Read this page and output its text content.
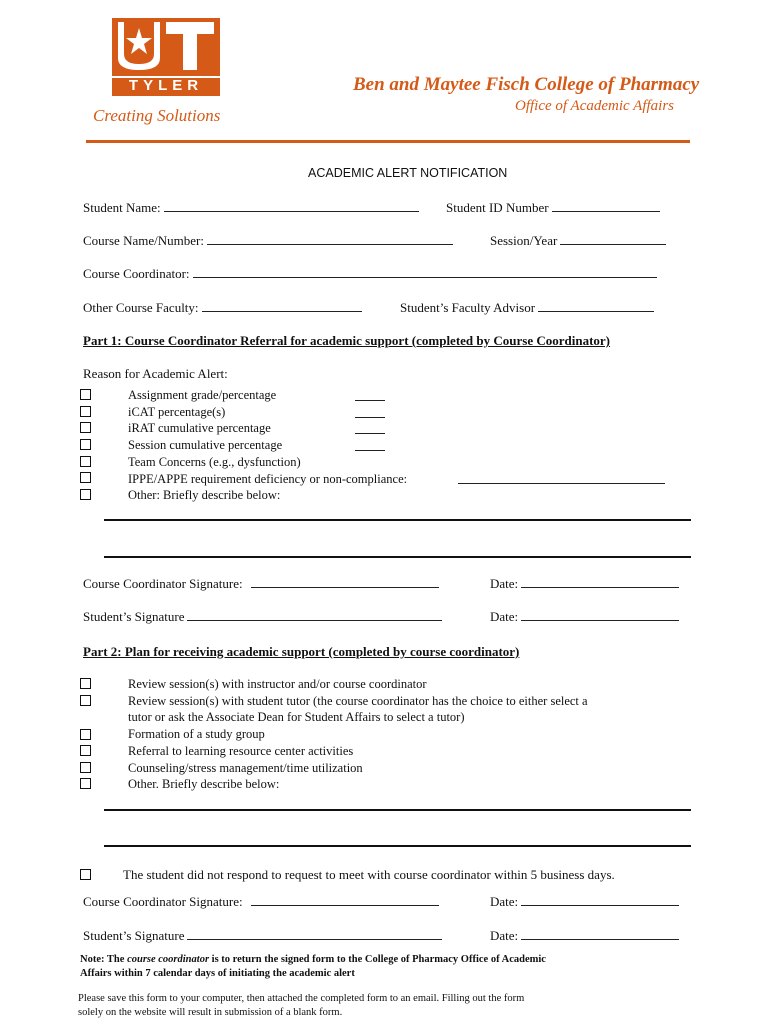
TYLER	Ben and Maytee Fisch College of Pharmacy
Office of Academic Affairs
Creating Solutions
ACADEMIC ALERT NOTIFICATION
Student Name:	Student ID Number
Course Name/Number:	Session/Year
Course Coordinator:
Other Course Faculty:	Student’s Faculty Advisor
Part 1: Course Coordinator Referral for academic support (completed by Course Coordinator)
Reason for Academic Alert:
Assignment grade/percentage
iCAT percentage(s)
iRAT cumulative percentage
Session cumulative percentage
Team Concerns (e.g., dysfunction)
IPPE/APPE requirement deficiency or non-compliance:
Other: Briefly describe below:
Course Coordinator Signature:	Date:
Student’s Signature	Date:
Part 2: Plan for receiving academic support (completed by course coordinator)
Review session(s) with instructor and/or course coordinator
Review session(s) with student tutor (the course coordinator has the choice to either select a
tutor or ask the Associate Dean for Student Affairs to select a tutor)
Formation of a study group
Referral to learning resource center activities
Counseling/stress management/time utilization
Other. Briefly describe below:
The student did not respond to request to meet with course coordinator within 5 business days.
Course Coordinator Signature:	Date:
Student’s Signature	Date:
Note: The course coordinator is to return the signed form to the College of Pharmacy Office of Academic
Affairs within 7 calendar days of initiating the academic alert
Please save this form to your computer, then attached the completed form to an email. Filling out the form
solely on the website will result in submission of a blank form.
